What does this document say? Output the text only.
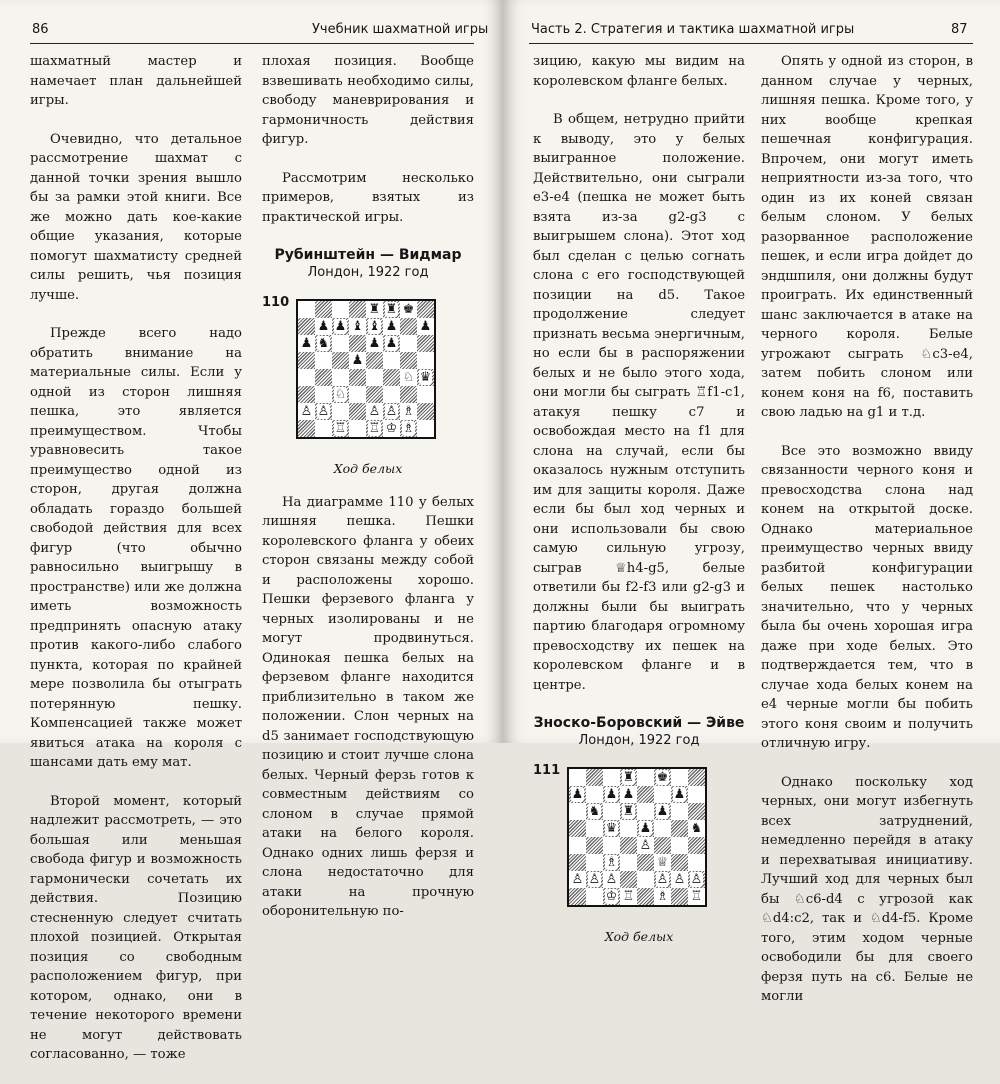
86	Учебник шахматной игры

шахматный мастер и намечает план дальнейшей игры.

Очевидно, что детальное рассмотрение шахмат с данной точки зрения вышло бы за рамки этой книги. Все же можно дать кое-какие общие указания, которые помогут шахматисту средней силы решить, чья позиция лучше.

Прежде всего надо обратить внимание на материальные силы. Если у одной из сторон лишняя пешка, это является преимуществом. Чтобы уравновесить такое преимущество одной из сторон, другая должна обладать гораздо большей свободой действия для всех фигур (что обычно равносильно выигрышу в пространстве) или же должна иметь возможность предпринять опасную атаку против какого-либо слабого пункта, которая по крайней мере позволила бы отыграть потерянную пешку. Компенсацией также может явиться атака на короля с шансами дать ему мат.

Второй момент, который надлежит рассмотреть, — это большая или меньшая свобода фигур и возможность гармонически сочетать их действия. Позицию стесненную следует считать плохой позицией. Открытая позиция со свободным расположением фигур, при котором, однако, они в течение некоторого времени не могут действовать согласованно, — тоже

плохая позиция. Вообще взвешивать необходимо силы, свободу маневрирования и гармоничность действия фигур.

Рассмотрим несколько примеров, взятых из практической игры.

Рубинштейн — Видмар
Лондон, 1922 год
110	♜ ♜ ♚
♟ ♟ ♝ ♝ ♟ ♟
♟ ♞	♟ ♟
♟
♘ ♛
♘
♙ ♙	♙ ♙ ♗
♖ ♖ ♔ ♗
Ход белых

На диаграмме 110 у белых лишняя пешка. Пешки королевского фланга у обеих сторон связаны между собой и расположены хорошо. Пешки ферзевого фланга у черных изолированы и не могут продвинуться. Одинокая пешка белых на ферзевом фланге находится приблизительно в таком же положении. Слон черных на d5 занимает господствующую позицию и стоит лучше слона белых. Черный ферзь готов к совместным действиям со слоном в случае прямой атаки на белого короля. Однако одних лишь ферзя и слона недостаточно для атаки на прочную оборонительную по-

Часть 2. Стратегия и тактика шахматной игры	87

зицию, какую мы видим на королевском фланге белых.

В общем, нетрудно прийти к выводу, это у белых выигранное положение. Действительно, они сыграли e3-e4 (пешка не может быть взята из-за g2-g3 с выигрышем слона). Этот ход был сделан с целью согнать слона с его господствующей позиции на d5. Такое продолжение следует признать весьма энергичным, но если бы в распоряжении белых и не было этого хода, они могли бы сыграть ♖f1-c1, атакуя пешку c7 и освобождая место на f1 для слона на случай, если бы оказалось нужным отступить им для защиты короля. Даже если бы был ход черных и они использовали бы свою самую сильную угрозу, сыграв ♕h4-g5, белые ответили бы f2-f3 или g2-g3 и должны были бы выиграть партию благодаря огромному превосходству их пешек на королевском фланге и в центре.

Зноско-Боровский — Эйве
Лондон, 1922 год
111	♜ ♚
♟ ♟ ♟	♟
♞ ♜ ♟
♛ ♟	♞
♙
♗	♕
♙ ♙ ♙	♙ ♙ ♙
♔ ♖ ♗ ♖
Ход белых

Опять у одной из сторон, в данном случае у черных, лишняя пешка. Кроме того, у них вообще крепкая пешечная конфигурация. Впрочем, они могут иметь неприятности из-за того, что один из их коней связан белым слоном. У белых разорванное расположение пешек, и если игра дойдет до эндшпиля, они должны будут проиграть. Их единственный шанс заключается в атаке на черного короля. Белые угрожают сыграть ♘c3-e4, затем побить слоном или конем коня на f6, поставить свою ладью на g1 и т.д.

Все это возможно ввиду связанности черного коня и превосходства слона над конем на открытой доске. Однако материальное преимущество черных ввиду разбитой конфигурации белых пешек настолько значительно, что у черных была бы очень хорошая игра даже при ходе белых. Это подтверждается тем, что в случае хода белых конем на e4 черные могли бы побить этого коня своим и получить отличную игру.

Однако поскольку ход черных, они могут избегнуть всех затруднений, немедленно перейдя в атаку и перехватывая инициативу. Лучший ход для черных был бы ♘c6-d4 с угрозой как ♘d4:c2, так и ♘d4-f5. Кроме того, этим ходом черные освободили бы для своего ферзя путь на c6. Белые не могли
